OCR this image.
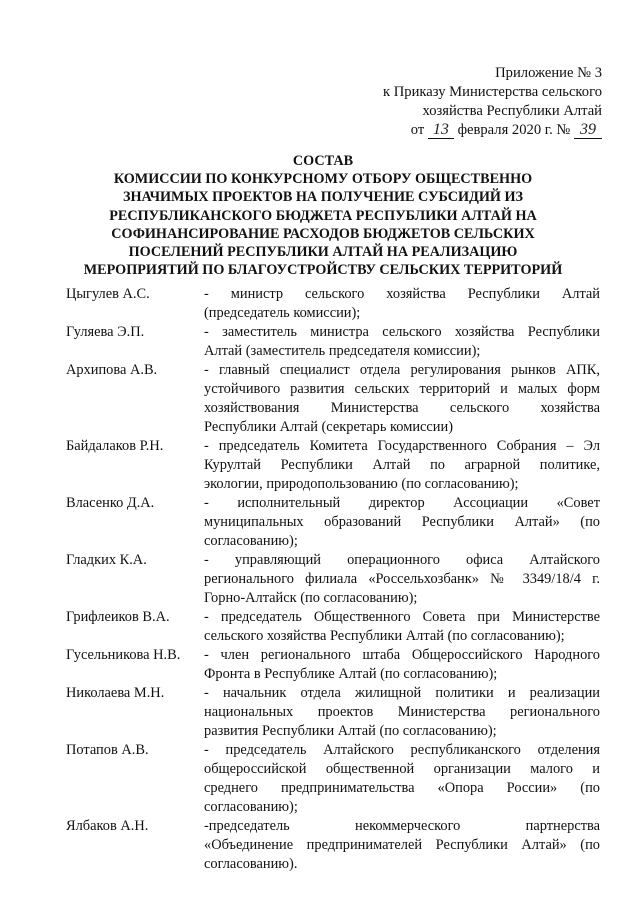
Приложение № 3
к Приказу Министерства сельского
хозяйства Республики Алтай
от 13 февраля 2020 г. № 39
СОСТАВ
КОМИССИИ ПО КОНКУРСНОМУ ОТБОРУ ОБЩЕСТВЕННО
ЗНАЧИМЫХ ПРОЕКТОВ НА ПОЛУЧЕНИЕ СУБСИДИЙ ИЗ
РЕСПУБЛИКАНСКОГО БЮДЖЕТА РЕСПУБЛИКИ АЛТАЙ НА
СОФИНАНСИРОВАНИЕ РАСХОДОВ БЮДЖЕТОВ СЕЛЬСКИХ
ПОСЕЛЕНИЙ РЕСПУБЛИКИ АЛТАЙ НА РЕАЛИЗАЦИЮ
МЕРОПРИЯТИЙ ПО БЛАГОУСТРОЙСТВУ СЕЛЬСКИХ ТЕРРИТОРИЙ
Цыгулев А.С.	- министр сельского хозяйства Республики Алтай
(председатель комиссии);
Гуляева Э.П.	- заместитель министра сельского хозяйства Республики
Алтай (заместитель председателя комиссии);
Архипова А.В.	- главный специалист отдела регулирования рынков АПК,
устойчивого развития сельских территорий и малых форм
хозяйствования Министерства сельского хозяйства
Республики Алтай (секретарь комиссии)
Байдалаков Р.Н.	- председатель Комитета Государственного Собрания – Эл
Курултай Республики Алтай по аграрной политике,
экологии, природопользованию (по согласованию);
Власенко Д.А.	- исполнительный директор Ассоциации «Совет
муниципальных образований Республики Алтай» (по
согласованию);
Гладких К.А.	- управляющий операционного офиса Алтайского
регионального филиала «Россельхозбанк» № 3349/18/4 г.
Горно-Алтайск (по согласованию);
Грифлеиков В.А.	- председатель Общественного Совета при Министерстве
сельского хозяйства Республики Алтай (по согласованию);
Гусельникова Н.В.	- член регионального штаба Общероссийского Народного
Фронта в Республике Алтай (по согласованию);
Николаева М.Н.	- начальник отдела жилищной политики и реализации
национальных проектов Министерства регионального
развития Республики Алтай (по согласованию);
Потапов А.В.	- председатель Алтайского республиканского отделения
общероссийской общественной организации малого и
среднего предпринимательства «Опора России» (по
согласованию);
Ялбаков А.Н.	-председатель некоммерческого партнерства
«Объединение предпринимателей Республики Алтай» (по
согласованию).
